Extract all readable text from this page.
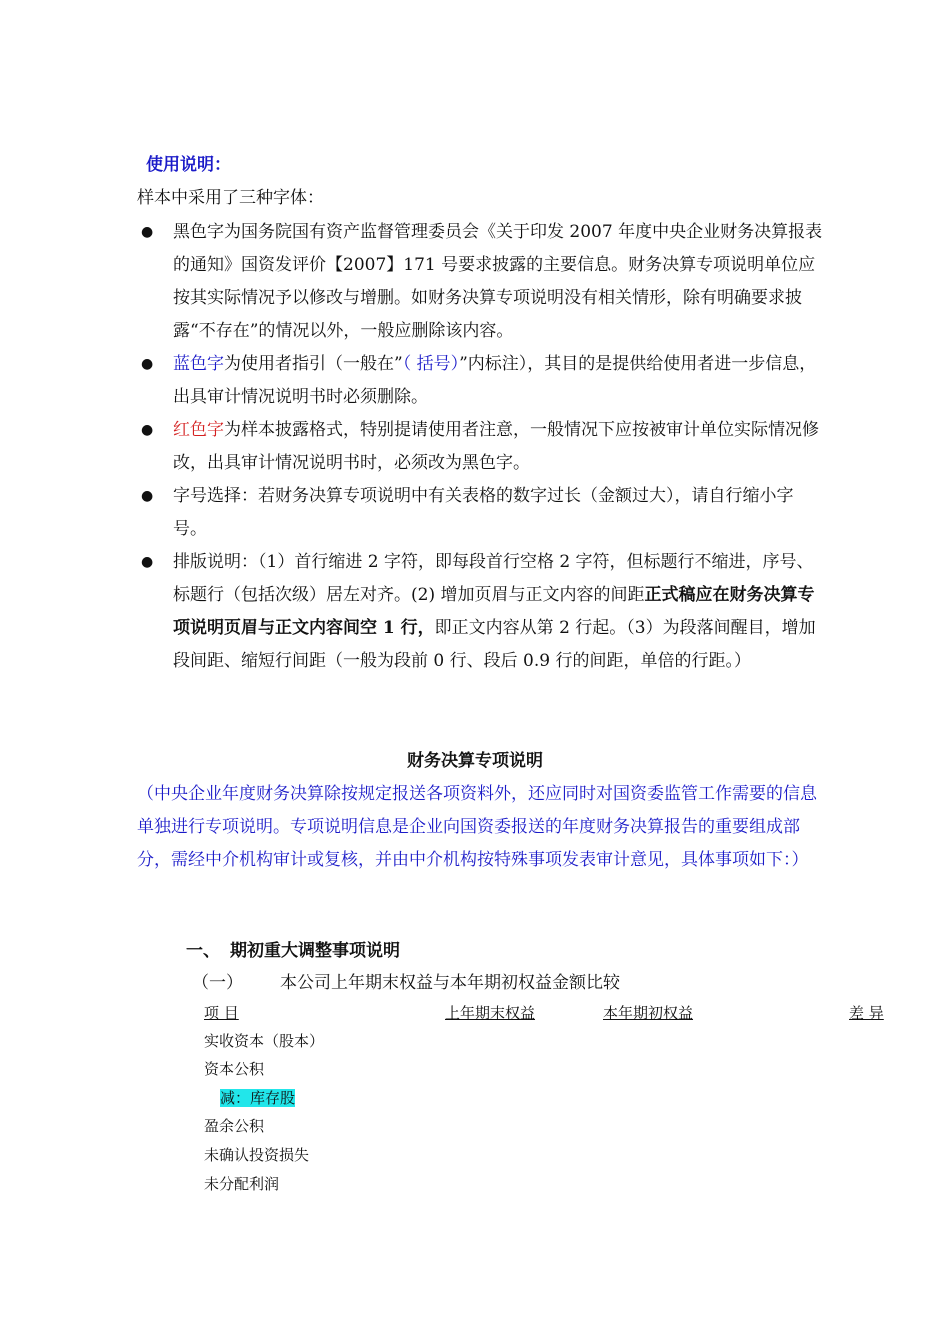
使用说明：
样本中采用了三种字体：
● 黑色字为国务院国有资产监督管理委员会《关于印发 2007 年度中央企业财务决算报表的通知》国资发评价【2007】171 号要求披露的主要信息。财务决算专项说明单位应按其实际情况予以修改与增删。如财务决算专项说明没有相关情形，除有明确要求披露“不存在”的情况以外，一般应删除该内容。
● 蓝色字为使用者指引（一般在”（ 括号）”内标注），其目的是提供给使用者进一步信息，出具审计情况说明书时必须删除。
● 红色字为样本披露格式，特别提请使用者注意，一般情况下应按被审计单位实际情况修改，出具审计情况说明书时，必须改为黑色字。
● 字号选择：若财务决算专项说明中有关表格的数字过长（金额过大），请自行缩小字号。
● 排版说明：（1）首行缩进 2 字符，即每段首行空格 2 字符，但标题行不缩进，序号、标题行（包括次级）居左对齐。(2) 增加页眉与正文内容的间距正式稿应在财务决算专项说明页眉与正文内容间空 1 行，即正文内容从第 2 行起。（3）为段落间醒目，增加段间距、缩短行间距（一般为段前 0 行、段后 0.9 行的间距，单倍的行距。）
财务决算专项说明
（中央企业年度财务决算除按规定报送各项资料外，还应同时对国资委监管工作需要的信息单独进行专项说明。专项说明信息是企业向国资委报送的年度财务决算报告的重要组成部分，需经中介机构审计或复核，并由中介机构按特殊事项发表审计意见，具体事项如下：）
一、 期初重大调整事项说明
（一） 本公司上年期末权益与本年期初权益金额比较
项 目	上年期末权益	本年期初权益	差 异
实收资本（股本）
资本公积
减：库存股
盈余公积
未确认投资损失
未分配利润
